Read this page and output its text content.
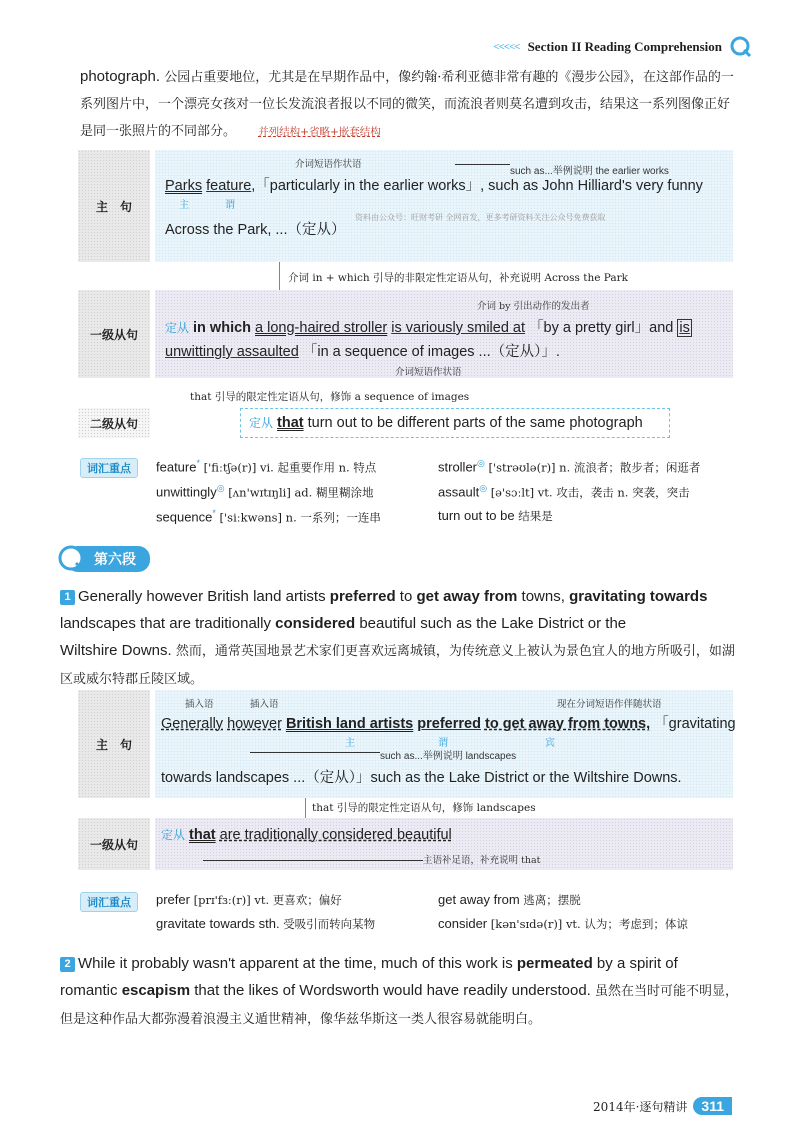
<<<<< Section II Reading Comprehension
photograph. 公园占重要地位，尤其是在早期作品中，像约翰·希利亚德非常有趣的《漫步公园》，在这部作品的一系列图片中，一个漂亮女孩对一位长发流浪者报以不同的微笑，而流浪者则莫名遭到攻击，结果这一系列图像正好是同一张照片的不同部分。 并列结构+省略+嵌套结构
主　句
介词短语作状语
such as...举例说明 the earlier works
Parks feature,「particularly in the earlier works」, such as John Hilliard's very funny
主	谓
Across the Park, ...（定从）
资料由公众号：旺财考研 全网首发，更多考研资料关注公众号免费获取
介词 in + which 引导的非限定性定语从句，补充说明 Across the Park
一级从句
介词 by 引出动作的发出者
定从 in which a long-haired stroller is variously smiled at 「by a pretty girl」and is
unwittingly assaulted 「in a sequence of images ...（定从）」.
介词短语作状语
that 引导的限定性定语从句，修饰 a sequence of images
二级从句	定从 that turn out to be different parts of the same photograph
词汇重点	feature* ['fiːtʃə(r)] vi. 起重要作用 n. 特点	stroller◎ ['strəʊlə(r)] n. 流浪者；散步者；闲逛者
unwittingly◎ [ʌn'wɪtɪŋli] ad. 糊里糊涂地	assault◎ [ə'sɔːlt] vt. 攻击，袭击 n. 突袭，突击
sequence* ['siːkwəns] n. 一系列；一连串	turn out to be 结果是
第六段
1 Generally however British land artists preferred to get away from towns, gravitating towards
landscapes that are traditionally considered beautiful such as the Lake District or the
Wiltshire Downs. 然而，通常英国地景艺术家们更喜欢远离城镇，为传统意义上被认为景色宜人的地方所吸引，如湖区或威尔特郡丘陵区域。
主　句
插入语	插入语	现在分词短语作伴随状语
Generally however British land artists preferred to get away from towns, 「gravitating
主	谓	宾
such as...举例说明 landscapes
towards landscapes ...（定从）」such as the Lake District or the Wiltshire Downs.
that 引导的限定性定语从句，修饰 landscapes
一级从句
定从 that are traditionally considered beautiful
主语补足语，补充说明 that
词汇重点	prefer [prɪ'fɜː(r)] vt. 更喜欢；偏好	get away from 逃离；摆脱
gravitate towards sth. 受吸引而转向某物	consider [kən'sɪdə(r)] vt. 认为；考虑到；体谅
2 While it probably wasn't apparent at the time, much of this work is permeated by a spirit of
romantic escapism that the likes of Wordsworth would have readily understood. 虽然在当时可能不明显，但是这种作品大都弥漫着浪漫主义遁世精神，像华兹华斯这一类人很容易就能明白。
2014年·逐句精讲	311
